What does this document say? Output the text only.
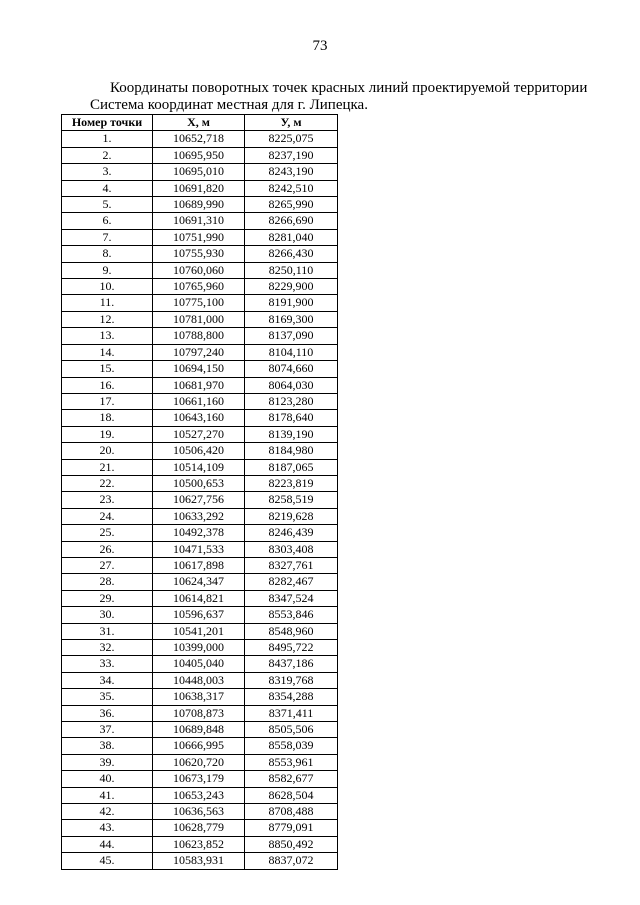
73
Координаты поворотных точек красных линий проектируемой территории
Система координат местная для г. Липецка.
Номер точки	X, м	У, м
1.	10652,718	8225,075
2.	10695,950	8237,190
3.	10695,010	8243,190
4.	10691,820	8242,510
5.	10689,990	8265,990
6.	10691,310	8266,690
7.	10751,990	8281,040
8.	10755,930	8266,430
9.	10760,060	8250,110
10.	10765,960	8229,900
11.	10775,100	8191,900
12.	10781,000	8169,300
13.	10788,800	8137,090
14.	10797,240	8104,110
15.	10694,150	8074,660
16.	10681,970	8064,030
17.	10661,160	8123,280
18.	10643,160	8178,640
19.	10527,270	8139,190
20.	10506,420	8184,980
21.	10514,109	8187,065
22.	10500,653	8223,819
23.	10627,756	8258,519
24.	10633,292	8219,628
25.	10492,378	8246,439
26.	10471,533	8303,408
27.	10617,898	8327,761
28.	10624,347	8282,467
29.	10614,821	8347,524
30.	10596,637	8553,846
31.	10541,201	8548,960
32.	10399,000	8495,722
33.	10405,040	8437,186
34.	10448,003	8319,768
35.	10638,317	8354,288
36.	10708,873	8371,411
37.	10689,848	8505,506
38.	10666,995	8558,039
39.	10620,720	8553,961
40.	10673,179	8582,677
41.	10653,243	8628,504
42.	10636,563	8708,488
43.	10628,779	8779,091
44.	10623,852	8850,492
45.	10583,931	8837,072
